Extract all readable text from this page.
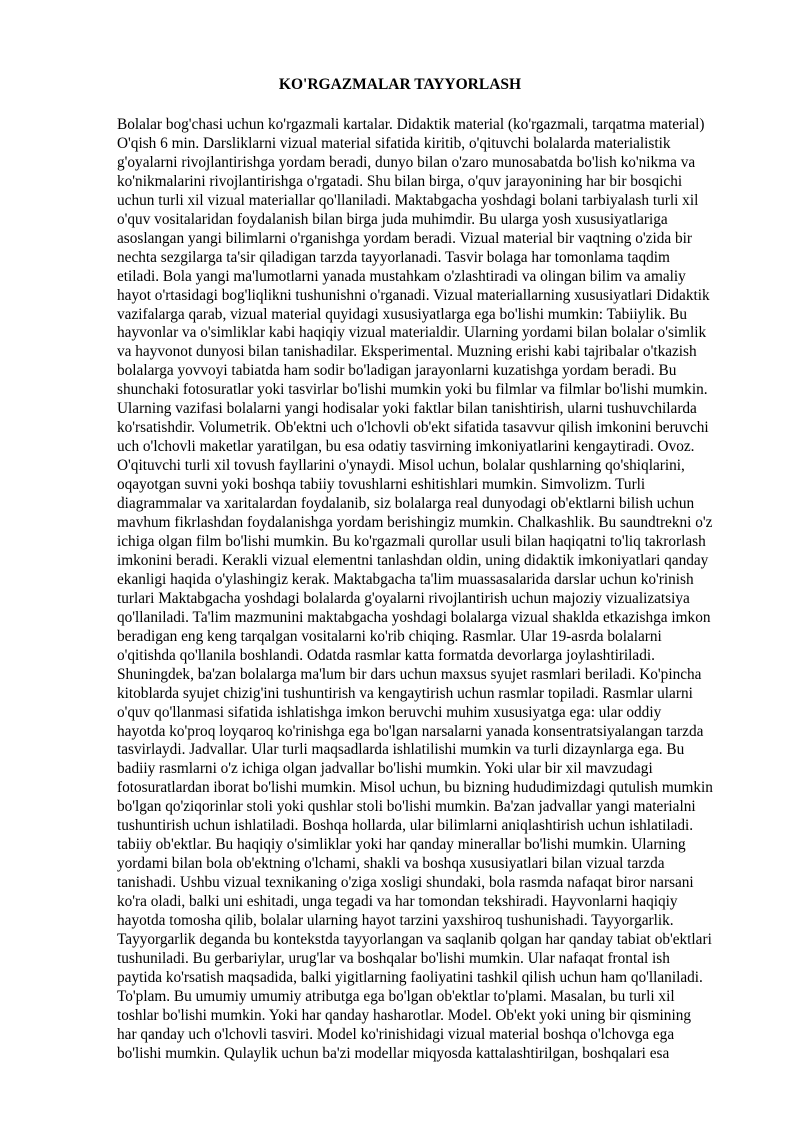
KO'RGAZMALAR TAYYORLASH
Bolalar bog'chasi uchun ko'rgazmali kartalar. Didaktik material (ko'rgazmali, tarqatma material)
O'qish 6 min. Darsliklarni vizual material sifatida kiritib, o'qituvchi bolalarda materialistik
g'oyalarni rivojlantirishga yordam beradi, dunyo bilan o'zaro munosabatda bo'lish ko'nikma va
ko'nikmalarini rivojlantirishga o'rgatadi. Shu bilan birga, o'quv jarayonining har bir bosqichi
uchun turli xil vizual materiallar qo'llaniladi. Maktabgacha yoshdagi bolani tarbiyalash turli xil
o'quv vositalaridan foydalanish bilan birga juda muhimdir. Bu ularga yosh xususiyatlariga
asoslangan yangi bilimlarni o'rganishga yordam beradi. Vizual material bir vaqtning o'zida bir
nechta sezgilarga ta'sir qiladigan tarzda tayyorlanadi. Tasvir bolaga har tomonlama taqdim
etiladi. Bola yangi ma'lumotlarni yanada mustahkam o'zlashtiradi va olingan bilim va amaliy
hayot o'rtasidagi bog'liqlikni tushunishni o'rganadi. Vizual materiallarning xususiyatlari Didaktik
vazifalarga qarab, vizual material quyidagi xususiyatlarga ega bo'lishi mumkin: Tabiiylik. Bu
hayvonlar va o'simliklar kabi haqiqiy vizual materialdir. Ularning yordami bilan bolalar o'simlik
va hayvonot dunyosi bilan tanishadilar. Eksperimental. Muzning erishi kabi tajribalar o'tkazish
bolalarga yovvoyi tabiatda ham sodir bo'ladigan jarayonlarni kuzatishga yordam beradi. Bu
shunchaki fotosuratlar yoki tasvirlar bo'lishi mumkin yoki bu filmlar va filmlar bo'lishi mumkin.
Ularning vazifasi bolalarni yangi hodisalar yoki faktlar bilan tanishtirish, ularni tushuvchilarda
ko'rsatishdir. Volumetrik. Ob'ektni uch o'lchovli ob'ekt sifatida tasavvur qilish imkonini beruvchi
uch o'lchovli maketlar yaratilgan, bu esa odatiy tasvirning imkoniyatlarini kengaytiradi. Ovoz.
O'qituvchi turli xil tovush fayllarini o'ynaydi. Misol uchun, bolalar qushlarning qo'shiqlarini,
oqayotgan suvni yoki boshqa tabiiy tovushlarni eshitishlari mumkin. Simvolizm. Turli
diagrammalar va xaritalardan foydalanib, siz bolalarga real dunyodagi ob'ektlarni bilish uchun
mavhum fikrlashdan foydalanishga yordam berishingiz mumkin. Chalkashlik. Bu saundtrekni o'z
ichiga olgan film bo'lishi mumkin. Bu ko'rgazmali qurollar usuli bilan haqiqatni to'liq takrorlash
imkonini beradi. Kerakli vizual elementni tanlashdan oldin, uning didaktik imkoniyatlari qanday
ekanligi haqida o'ylashingiz kerak. Maktabgacha ta'lim muassasalarida darslar uchun ko'rinish
turlari Maktabgacha yoshdagi bolalarda g'oyalarni rivojlantirish uchun majoziy vizualizatsiya
qo'llaniladi. Ta'lim mazmunini maktabgacha yoshdagi bolalarga vizual shaklda etkazishga imkon
beradigan eng keng tarqalgan vositalarni ko'rib chiqing. Rasmlar. Ular 19-asrda bolalarni
o'qitishda qo'llanila boshlandi. Odatda rasmlar katta formatda devorlarga joylashtiriladi.
Shuningdek, ba'zan bolalarga ma'lum bir dars uchun maxsus syujet rasmlari beriladi. Ko'pincha
kitoblarda syujet chizig'ini tushuntirish va kengaytirish uchun rasmlar topiladi. Rasmlar ularni
o'quv qo'llanmasi sifatida ishlatishga imkon beruvchi muhim xususiyatga ega: ular oddiy
hayotda ko'proq loyqaroq ko'rinishga ega bo'lgan narsalarni yanada konsentratsiyalangan tarzda
tasvirlaydi. Jadvallar. Ular turli maqsadlarda ishlatilishi mumkin va turli dizaynlarga ega. Bu
badiiy rasmlarni o'z ichiga olgan jadvallar bo'lishi mumkin. Yoki ular bir xil mavzudagi
fotosuratlardan iborat bo'lishi mumkin. Misol uchun, bu bizning hududimizdagi qutulish mumkin
bo'lgan qo'ziqorinlar stoli yoki qushlar stoli bo'lishi mumkin. Ba'zan jadvallar yangi materialni
tushuntirish uchun ishlatiladi. Boshqa hollarda, ular bilimlarni aniqlashtirish uchun ishlatiladi.
tabiiy ob'ektlar. Bu haqiqiy o'simliklar yoki har qanday minerallar bo'lishi mumkin. Ularning
yordami bilan bola ob'ektning o'lchami, shakli va boshqa xususiyatlari bilan vizual tarzda
tanishadi. Ushbu vizual texnikaning o'ziga xosligi shundaki, bola rasmda nafaqat biror narsani
ko'ra oladi, balki uni eshitadi, unga tegadi va har tomondan tekshiradi. Hayvonlarni haqiqiy
hayotda tomosha qilib, bolalar ularning hayot tarzini yaxshiroq tushunishadi. Tayyorgarlik.
Tayyorgarlik deganda bu kontekstda tayyorlangan va saqlanib qolgan har qanday tabiat ob'ektlari
tushuniladi. Bu gerbariylar, urug'lar va boshqalar bo'lishi mumkin. Ular nafaqat frontal ish
paytida ko'rsatish maqsadida, balki yigitlarning faoliyatini tashkil qilish uchun ham qo'llaniladi.
To'plam. Bu umumiy umumiy atributga ega bo'lgan ob'ektlar to'plami. Masalan, bu turli xil
toshlar bo'lishi mumkin. Yoki har qanday hasharotlar. Model. Ob'ekt yoki uning bir qismining
har qanday uch o'lchovli tasviri. Model ko'rinishidagi vizual material boshqa o'lchovga ega
bo'lishi mumkin. Qulaylik uchun ba'zi modellar miqyosda kattalashtirilgan, boshqalari esa
